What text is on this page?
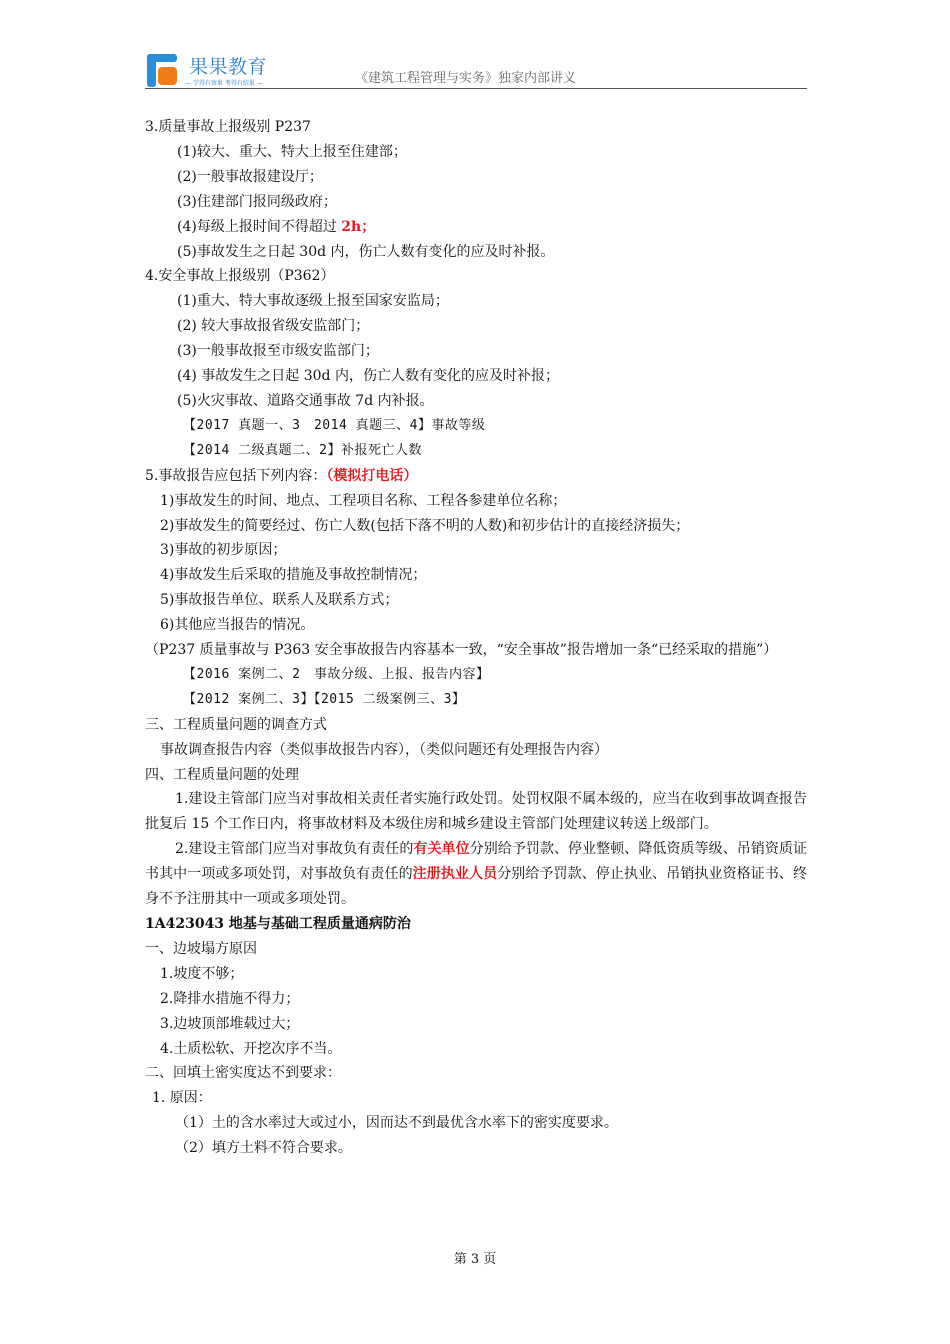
果果教育
— 学得有效果 考得有结果 —	《建筑工程管理与实务》独家内部讲义
3.质量事故上报级别 P237
(1)较大、重大、特大上报至住建部；
(2)一般事故报建设厅；
(3)住建部门报同级政府；
(4)每级上报时间不得超过 2h；
(5)事故发生之日起 30d 内，伤亡人数有变化的应及时补报。
4.安全事故上报级别（P362）
(1)重大、特大事故逐级上报至国家安监局；
(2) 较大事故报省级安监部门；
(3)一般事故报至市级安监部门；
(4) 事故发生之日起 30d 内，伤亡人数有变化的应及时补报；
(5)火灾事故、道路交通事故 7d 内补报。
【2017 真题一、3　2014 真题三、4】事故等级
【2014 二级真题二、2】补报死亡人数
5.事故报告应包括下列内容：（模拟打电话）
1)事故发生的时间、地点、工程项目名称、工程各参建单位名称；
2)事故发生的简要经过、伤亡人数(包括下落不明的人数)和初步估计的直接经济损失；
3)事故的初步原因；
4)事故发生后采取的措施及事故控制情况；
5)事故报告单位、联系人及联系方式；
6)其他应当报告的情况。
（P237 质量事故与 P363 安全事故报告内容基本一致，“安全事故”报告增加一条“已经采取的措施”）
【2016 案例二、2　事故分级、上报、报告内容】
【2012 案例二、3】【2015 二级案例三、3】
三、工程质量问题的调查方式
事故调查报告内容（类似事故报告内容），（类似问题还有处理报告内容）
四、工程质量问题的处理
1.建设主管部门应当对事故相关责任者实施行政处罚。处罚权限不属本级的，应当在收到事故调查报告批复后 15 个工作日内，将事故材料及本级住房和城乡建设主管部门处理建议转送上级部门。
2.建设主管部门应当对事故负有责任的有关单位分别给予罚款、停业整顿、降低资质等级、吊销资质证书其中一项或多项处罚，对事故负有责任的注册执业人员分别给予罚款、停止执业、吊销执业资格证书、终身不予注册其中一项或多项处罚。
1A423043 地基与基础工程质量通病防治
一、边坡塌方原因
1.坡度不够；
2.降排水措施不得力；
3.边坡顶部堆载过大；
4.土质松软、开挖次序不当。
二、回填土密实度达不到要求：
1. 原因：
（1）土的含水率过大或过小，因而达不到最优含水率下的密实度要求。
（2）填方土料不符合要求。
第 3 页
